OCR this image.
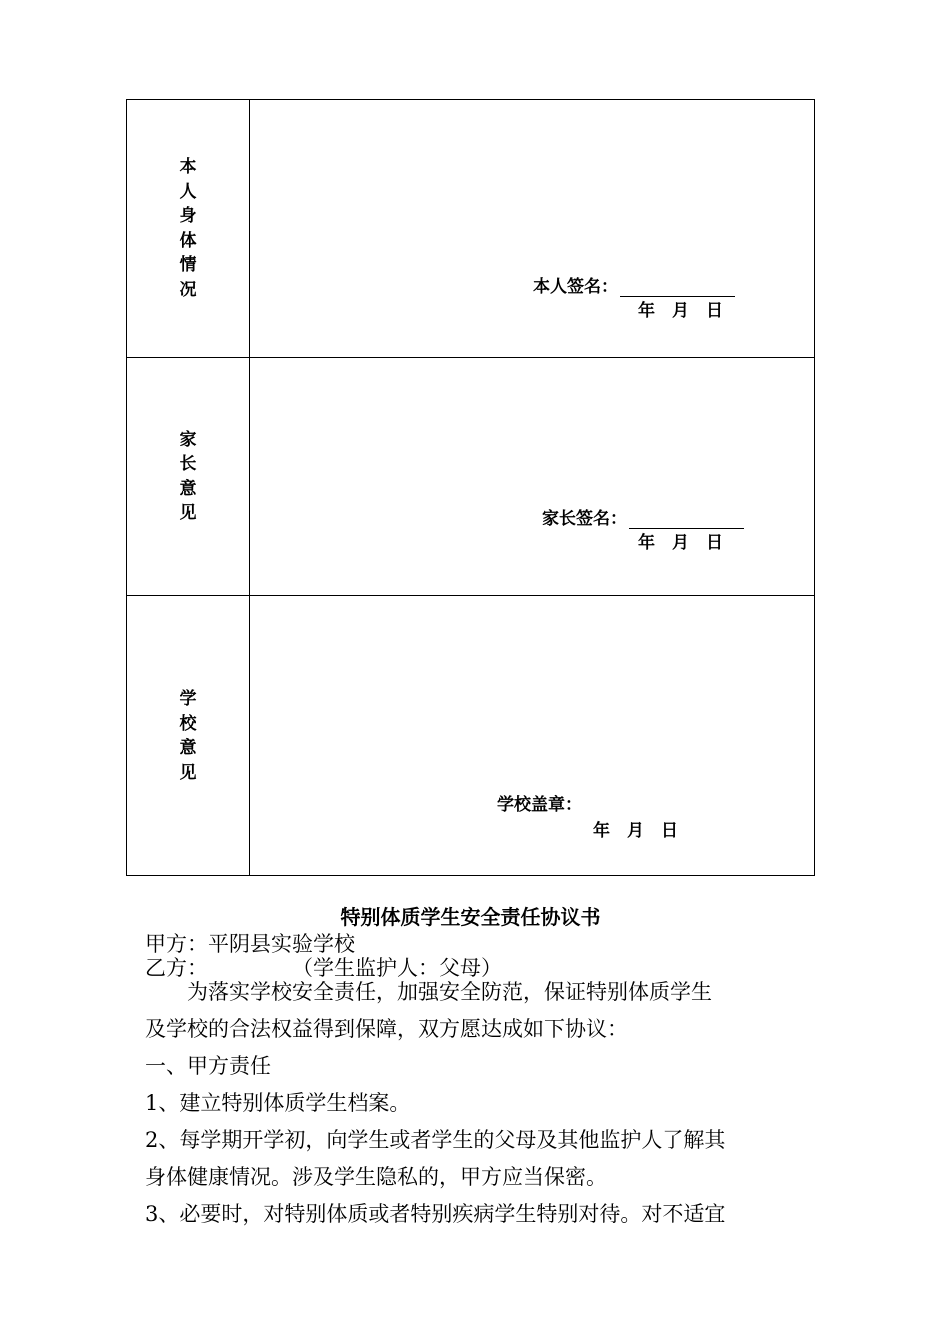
本人身体情况	本人签名：
年　月　日
家长意见	家长签名：
年　月　日
学校意见
学校盖章：
年　月　日
特别体质学生安全责任协议书
甲方：平阴县实验学校
乙方：　　　　　（学生监护人：父母）
　　为落实学校安全责任，加强安全防范，保证特别体质学生
及学校的合法权益得到保障，双方愿达成如下协议：
一、甲方责任
1、建立特别体质学生档案。
2、每学期开学初，向学生或者学生的父母及其他监护人了解其
身体健康情况。涉及学生隐私的，甲方应当保密。
3、必要时，对特别体质或者特别疾病学生特别对待。对不适宜
